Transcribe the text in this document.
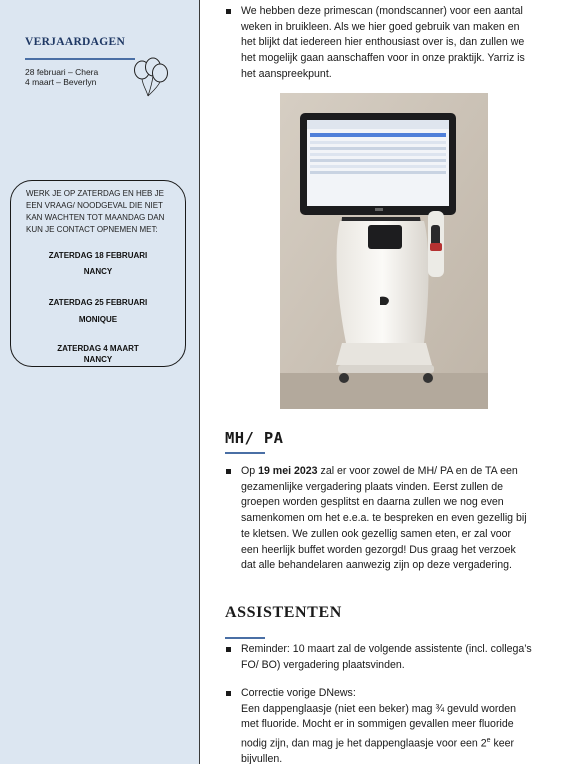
VERJAARDAGEN
28 februari – Chera
4 maart – Beverlyn
WERK JE OP ZATERDAG EN HEB JE
EEN VRAAG/ NOODGEVAL DIE NIET
KAN WACHTEN TOT MAANDAG DAN
KUN JE CONTACT OPNEMEN MET:
ZATERDAG 18 FEBRUARI
NANCY
ZATERDAG 25 FEBRUARI
MONIQUE
ZATERDAG 4 MAART
NANCY
We hebben deze primescan (mondscanner) voor een aantal
weken in bruikleen. Als we hier goed gebruik van maken en
het blijkt dat iedereen hier enthousiast over is, dan zullen we
het mogelijk gaan aanschaffen voor in onze praktijk. Yarriz is
het aanspreekpunt.
MH/ PA
Op 19 mei 2023 zal er voor zowel de MH/ PA en de TA een
gezamenlijke vergadering plaats vinden. Eerst zullen de
groepen worden gesplitst en daarna zullen we nog even
samenkomen om het e.e.a. te bespreken en even gezellig bij
te kletsen. We zullen ook gezellig samen eten, er zal voor
een heerlijk buffet worden gezorgd! Dus graag het verzoek
dat alle behandelaren aanwezig zijn op deze vergadering.
ASSISTENTEN
Reminder: 10 maart zal de volgende assistente (incl. collega’s
FO/ BO) vergadering plaatsvinden.
Correctie vorige DNews:
Een dappenglaasje (niet een beker) mag ¾ gevuld worden
met fluoride. Mocht er in sommigen gevallen meer fluoride
nodig zijn, dan mag je het dappenglaasje voor een 2e keer
bijvullen.
